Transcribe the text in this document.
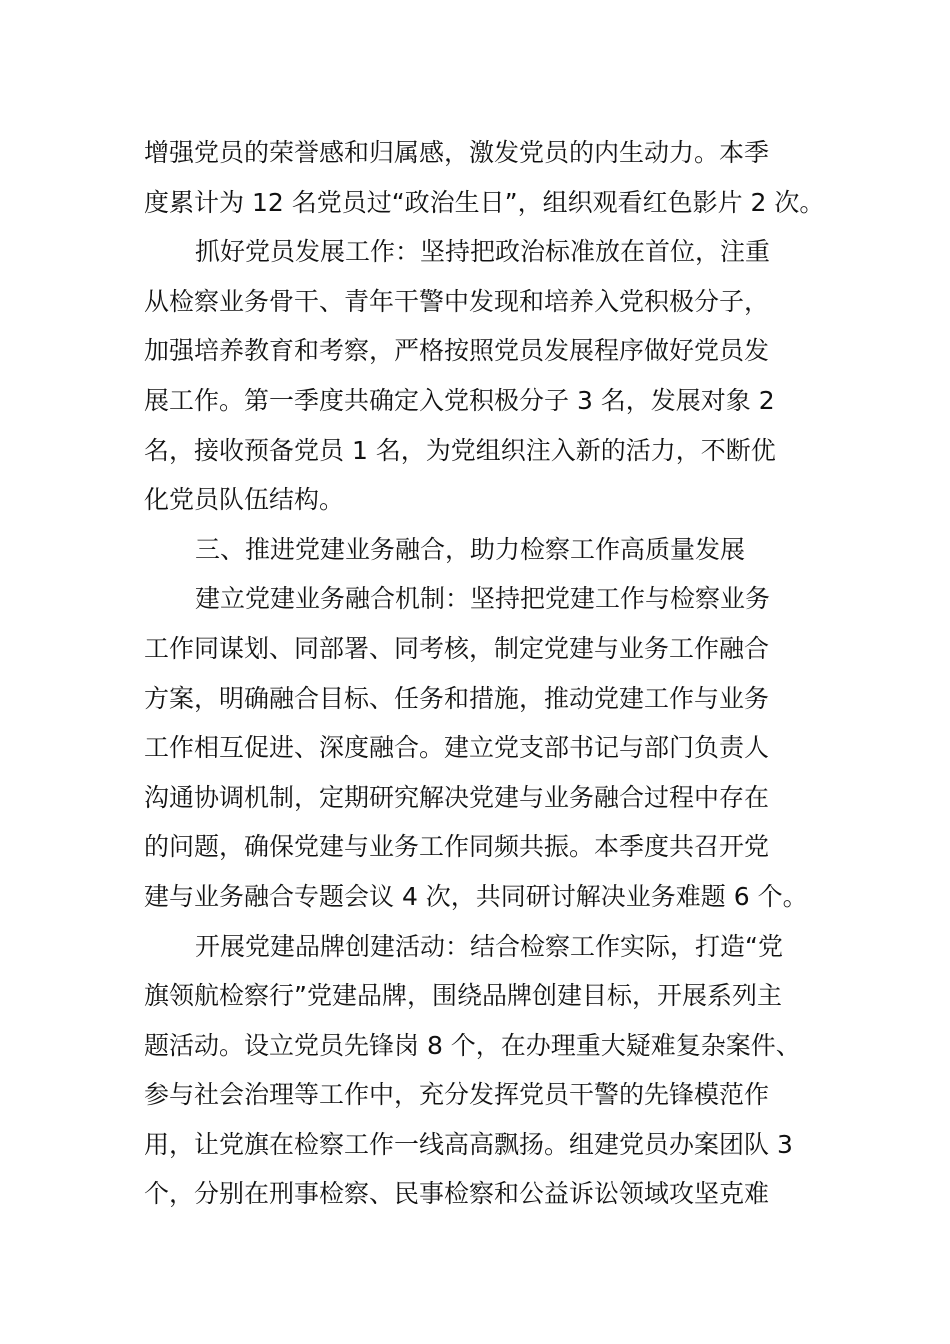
增强党员的荣誉感和归属感，激发党员的内生动力。本季
度累计为 12 名党员过“政治生日”，组织观看红色影片 2 次。
抓好党员发展工作：坚持把政治标准放在首位，注重
从检察业务骨干、青年干警中发现和培养入党积极分子，
加强培养教育和考察，严格按照党员发展程序做好党员发
展工作。第一季度共确定入党积极分子 3 名，发展对象 2
名，接收预备党员 1 名，为党组织注入新的活力，不断优
化党员队伍结构。
三、推进党建业务融合，助力检察工作高质量发展
建立党建业务融合机制：坚持把党建工作与检察业务
工作同谋划、同部署、同考核，制定党建与业务工作融合
方案，明确融合目标、任务和措施，推动党建工作与业务
工作相互促进、深度融合。建立党支部书记与部门负责人
沟通协调机制，定期研究解决党建与业务融合过程中存在
的问题，确保党建与业务工作同频共振。本季度共召开党
建与业务融合专题会议 4 次，共同研讨解决业务难题 6 个。
开展党建品牌创建活动：结合检察工作实际，打造“党
旗领航检察行”党建品牌，围绕品牌创建目标，开展系列主
题活动。设立党员先锋岗 8 个，在办理重大疑难复杂案件、
参与社会治理等工作中，充分发挥党员干警的先锋模范作
用，让党旗在检察工作一线高高飘扬。组建党员办案团队 3
个，分别在刑事检察、民事检察和公益诉讼领域攻坚克难
